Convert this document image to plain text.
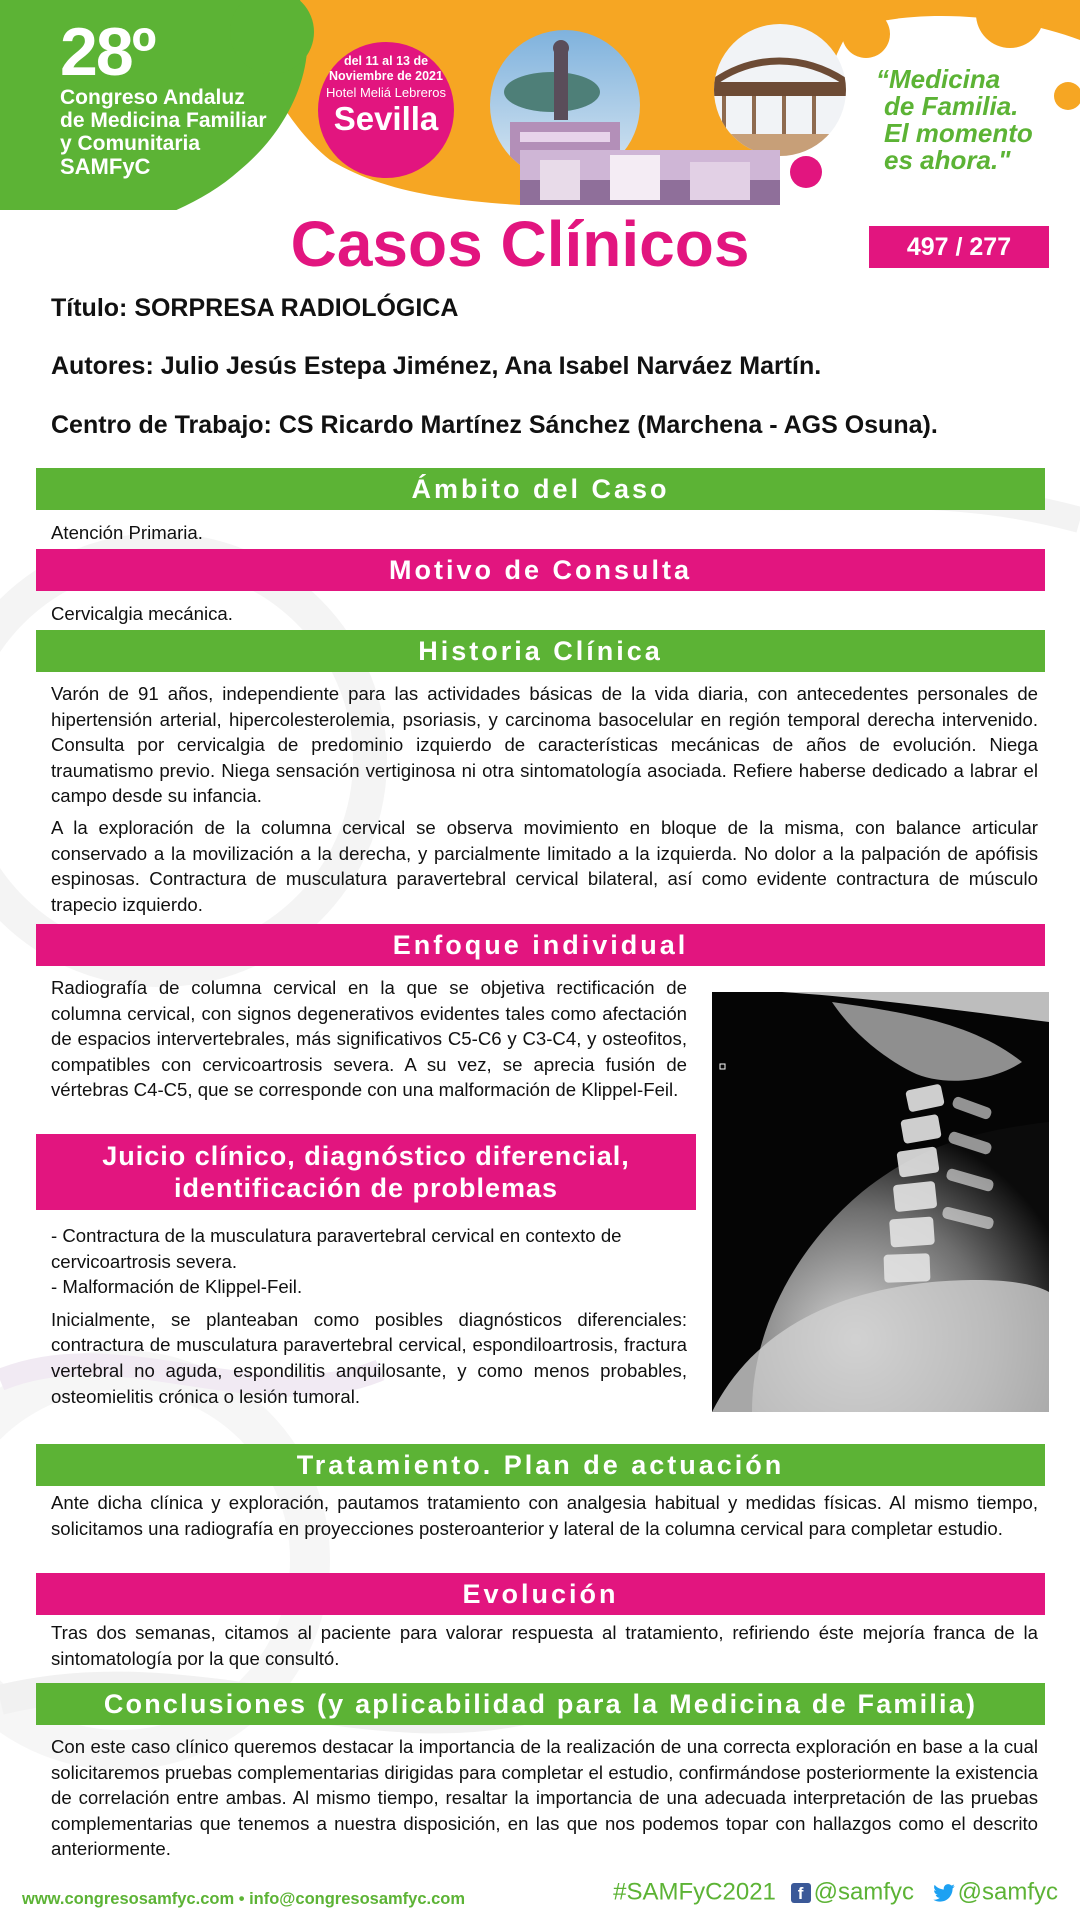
28º
Congreso Andaluz
de Medicina Familiar
y Comunitaria
SAMFyC
del 11 al 13 de
Noviembre de 2021
Hotel Meliá Lebreros
Sevilla
“Medicina
de Familia.
El momento
es ahora."
Casos Clínicos	497 / 277
Título: SORPRESA RADIOLÓGICA
Autores: Julio Jesús Estepa Jiménez, Ana Isabel Narváez Martín.
Centro de Trabajo: CS Ricardo Martínez Sánchez (Marchena - AGS Osuna).
Ámbito del Caso
Atención Primaria.
Motivo de Consulta
Cervicalgia mecánica.
Historia Clínica

Varón de 91 años, independiente para las actividades básicas de la vida diaria, con antecedentes personales de hipertensión arterial, hipercolesterolemia, psoriasis, y carcinoma basocelular en región temporal derecha intervenido. Consulta por cervicalgia de predominio izquierdo de características mecánicas de años de evolución. Niega traumatismo previo. Niega sensación vertiginosa ni otra sintomatología asociada. Refiere haberse dedicado a labrar el campo desde su infancia.

A la exploración de la columna cervical se observa movimiento en bloque de la misma, con balance articular conservado a la movilización a la derecha, y parcialmente limitado a la izquierda. No dolor a la palpación de apófisis espinosas. Contractura de musculatura paravertebral cervical bilateral, así como evidente contractura de músculo trapecio izquierdo.

Enfoque individual
Radiografía de columna cervical en la que se objetiva rectificación de columna cervical, con signos degenerativos evidentes tales como afectación de espacios intervertebrales, más significativos C5-C6 y C3-C4, y osteofitos, compatibles con cervicoartrosis severa. A su vez, se aprecia fusión de vértebras C4-C5, que se corresponde con una malformación de Klippel-Feil.
Juicio clínico, diagnóstico diferencial,
identificación de problemas

- Contractura de la musculatura paravertebral cervical en contexto de cervicoartrosis severa.

- Malformación de Klippel-Feil.

Inicialmente, se planteaban como posibles diagnósticos diferenciales: contractura de musculatura paravertebral cervical, espondiloartrosis, fractura vertebral no aguda, espondilitis anquilosante, y como menos probables, osteomielitis crónica o lesión tumoral.

Tratamiento. Plan de actuación
Ante dicha clínica y exploración, pautamos tratamiento con analgesia habitual y medidas físicas. Al mismo tiempo, solicitamos una radiografía en proyecciones posteroanterior y lateral de la columna cervical para completar estudio.
Evolución
Tras dos semanas, citamos al paciente para valorar respuesta al tratamiento, refiriendo éste mejoría franca de la sintomatología por la que consultó.
Conclusiones (y aplicabilidad para la Medicina de Familia)
Con este caso clínico queremos destacar la importancia de la realización de una correcta exploración en base a la cual solicitaremos pruebas complementarias dirigidas para completar el estudio, confirmándose posteriormente la existencia de correlación entre ambas. Al mismo tiempo, resaltar la importancia de una adecuada interpretación de las pruebas complementarias que tenemos a nuestra disposición, en las que nos podemos topar con hallazgos como el descrito anteriormente.
www.congresosamfyc.com • info@congresosamfyc.com	#SAMFyC2021 f @samfyc @samfyc
